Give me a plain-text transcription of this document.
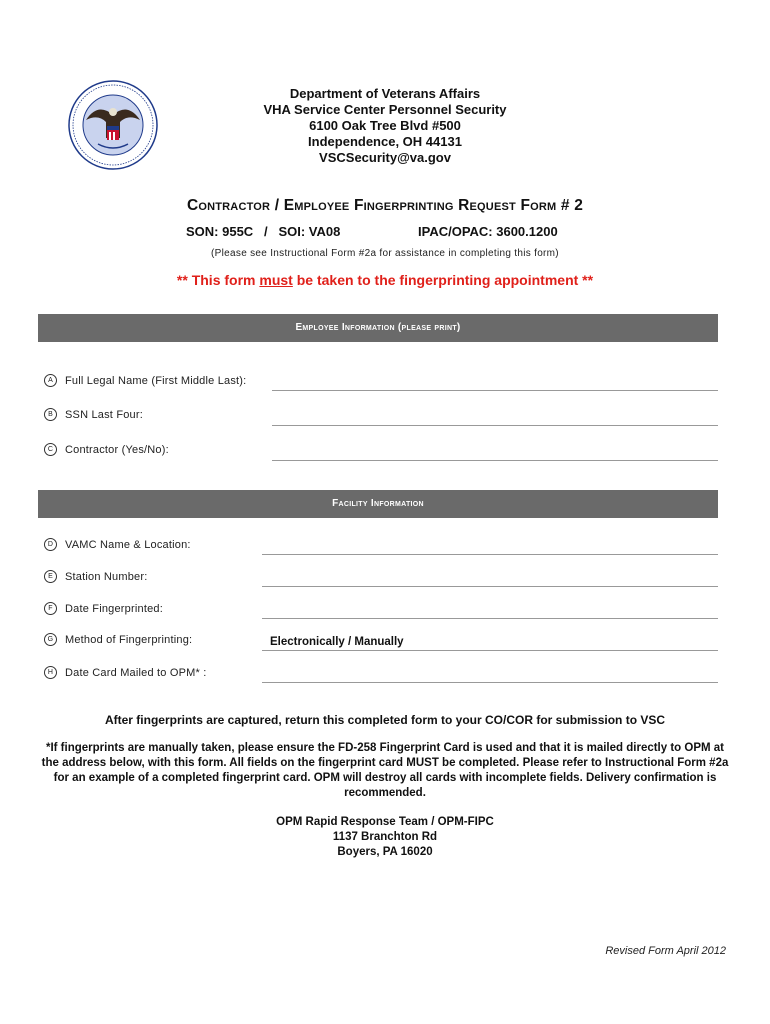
Department of Veterans Affairs
VHA Service Center Personnel Security
6100 Oak Tree Blvd #500
Independence, OH 44131
VSCSecurity@va.gov
Contractor / Employee Fingerprinting Request Form # 2
SON: 955C   /   SOI: VA08	IPAC/OPAC: 3600.1200
(Please see Instructional Form #2a for assistance in completing this form)
** This form must be taken to the fingerprinting appointment **
Employee Information (please print)
A	Full Legal Name (First Middle Last):
B	SSN Last Four:
C	Contractor (Yes/No):
Facility Information
D	VAMC Name & Location:
E	Station Number:
F	Date Fingerprinted:
G	Method of Fingerprinting:	Electronically / Manually
H	Date Card Mailed to OPM* :
After fingerprints are captured, return this completed form to your CO/COR for submission to VSC
*If fingerprints are manually taken, please ensure the FD-258 Fingerprint Card is used and that it is mailed directly to OPM at the address below, with this form. All fields on the fingerprint card MUST be completed. Please refer to Instructional Form #2a for an example of a completed fingerprint card. OPM will destroy all cards with incomplete fields. Delivery confirmation is recommended.
OPM Rapid Response Team / OPM-FIPC
1137 Branchton Rd
Boyers, PA 16020
Revised Form April 2012
